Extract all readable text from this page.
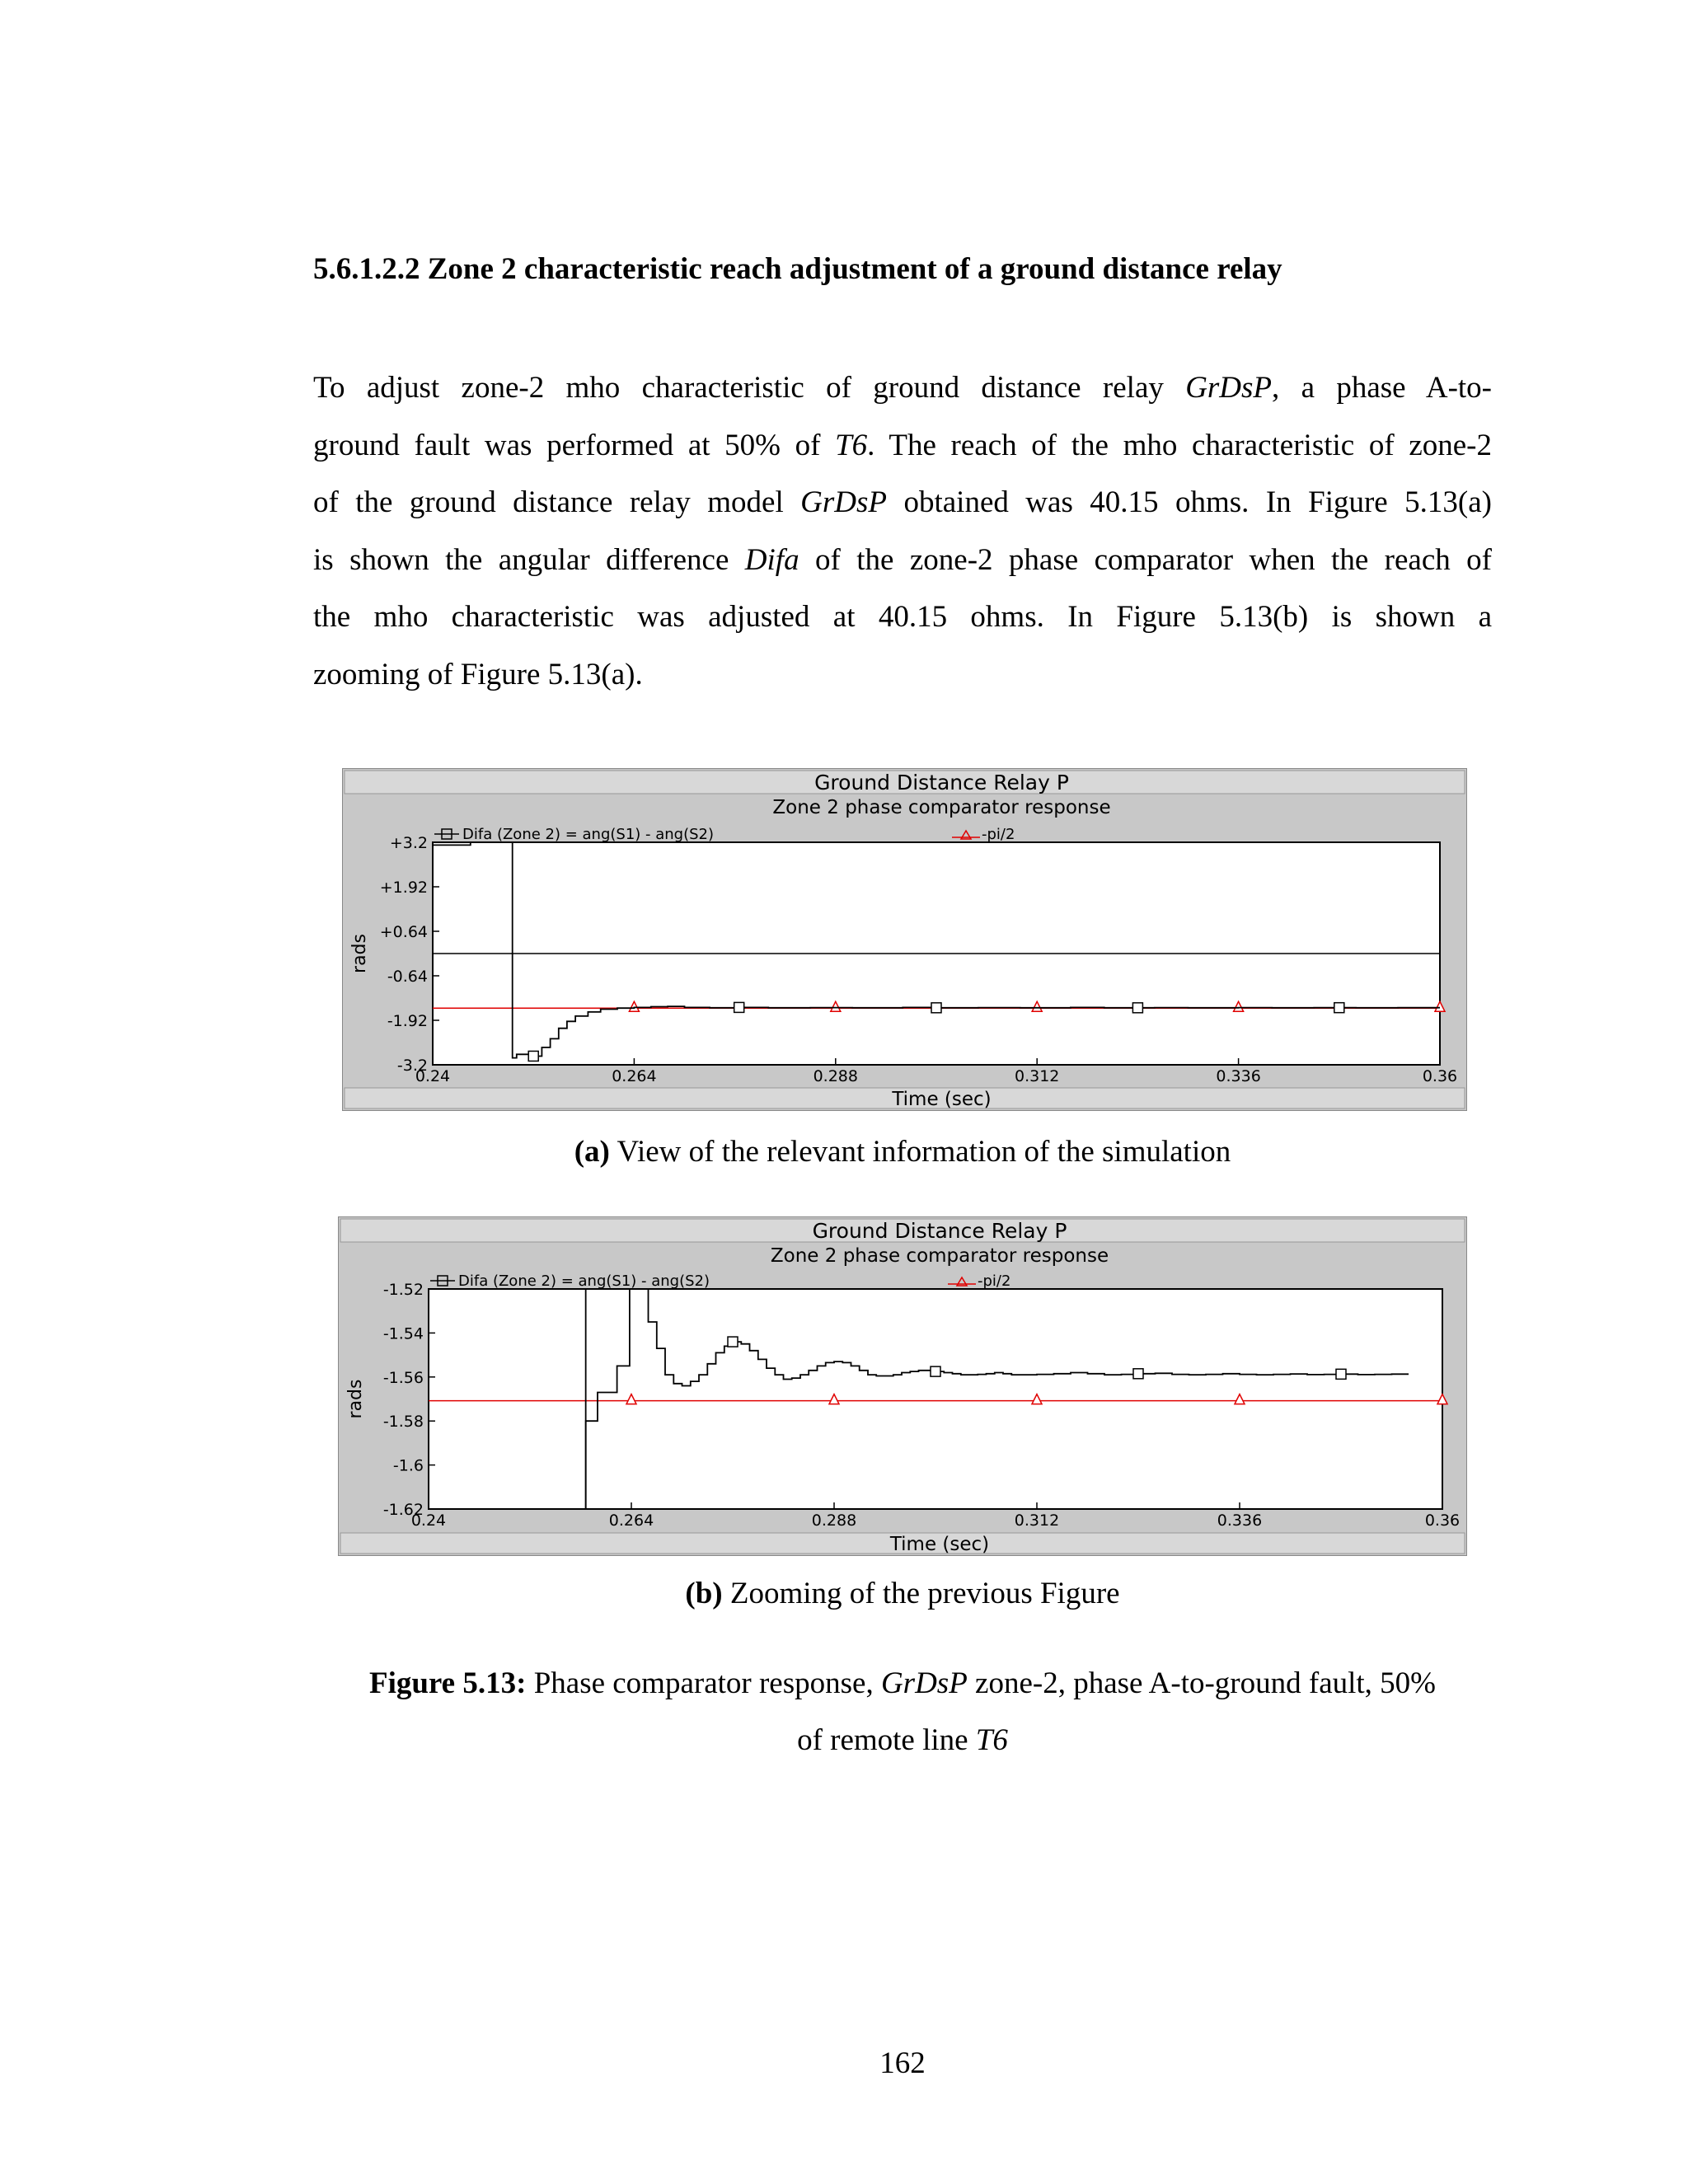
5.6.1.2.2 Zone 2 characteristic reach adjustment of a ground distance relay
To adjust zone-2 mho characteristic of ground distance relay GrDsP, a phase A-to-
ground fault was performed at 50% of T6. The reach of the mho characteristic of zone-2
of the ground distance relay model GrDsP obtained was 40.15 ohms. In Figure 5.13(a)
is shown the angular difference Difa of the zone-2 phase comparator when the reach of
the mho characteristic was adjusted at 40.15 ohms. In Figure 5.13(b) is shown a
zooming of Figure 5.13(a).
Ground Distance Relay P
Zone 2 phase comparator response
Time (sec)
rads
0.24	0.264	0.288	0.312	0.336	0.36
+3.2
+1.92
+0.64
-0.64
-1.92
-3.2
Difa (Zone 2) = ang(S1) - ang(S2)	-pi/2

(a) View of the relevant information of the simulation

Ground Distance Relay P
Zone 2 phase comparator response
Time (sec)
rads
0.24	0.264	0.288	0.312	0.336	0.36
-1.52
-1.54
-1.56
-1.58
-1.6
-1.62
Difa (Zone 2) = ang(S1) - ang(S2)	-pi/2

(b) Zooming of the previous Figure

Figure 5.13: Phase comparator response, GrDsP zone-2, phase A-to-ground fault, 50%
of remote line T6
162
